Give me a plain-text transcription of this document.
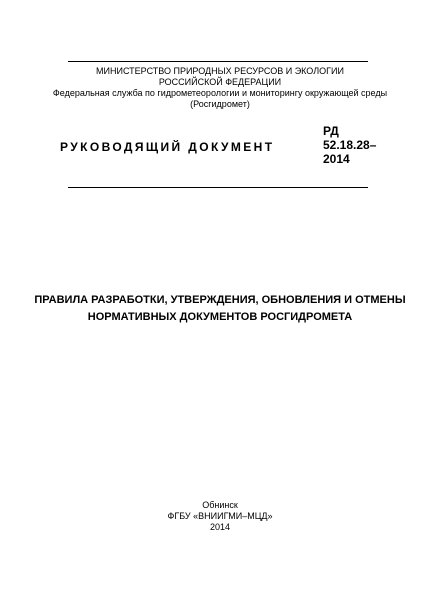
МИНИСТЕРСТВО ПРИРОДНЫХ РЕСУРСОВ И ЭКОЛОГИИ
РОССИЙСКОЙ ФЕДЕРАЦИИ
Федеральная служба по гидрометеорологии и мониторингу окружающей среды
(Росгидромет)
РУКОВОДЯЩИЙ ДОКУМЕНТ
РД
52.18.28–
2014
ПРАВИЛА РАЗРАБОТКИ, УТВЕРЖДЕНИЯ, ОБНОВЛЕНИЯ И ОТМЕНЫ
НОРМАТИВНЫХ ДОКУМЕНТОВ РОСГИДРОМЕТА
Обнинск
ФГБУ «ВНИИГМИ–МЦД»
2014
